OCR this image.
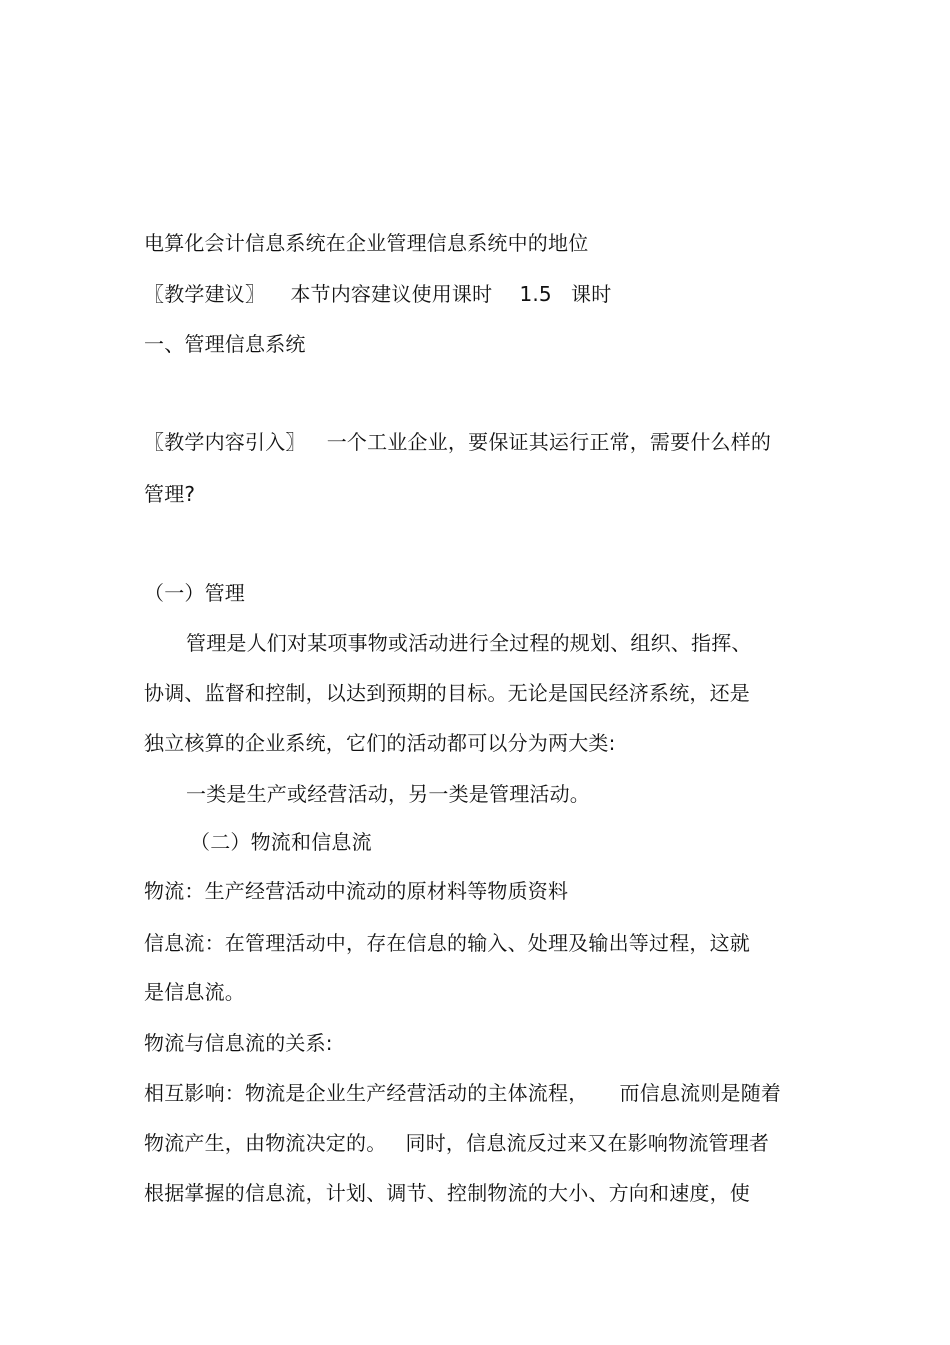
电算化会计信息系统在企业管理信息系统中的地位
〖教学建议〗 本节内容建议使用课时 1.5 课时
一、管理信息系统
〖教学内容引入〗 一个工业企业，要保证其运行正常，需要什么样的
管理?
（一）管理
管理是人们对某项事物或活动进行全过程的规划、组织、指挥、
协调、监督和控制，以达到预期的目标。无论是国民经济系统，还是
独立核算的企业系统，它们的活动都可以分为两大类:
一类是生产或经营活动，另一类是管理活动。
（二）物流和信息流
物流：生产经营活动中流动的原材料等物质资料
信息流：在管理活动中，存在信息的输入、处理及输出等过程，这就
是信息流。
物流与信息流的关系:
相互影响：物流是企业生产经营活动的主体流程， 而信息流则是随着
物流产生，由物流决定的。 同时，信息流反过来又在影响物流管理者
根据掌握的信息流，计划、调节、控制物流的大小、方向和速度，使
